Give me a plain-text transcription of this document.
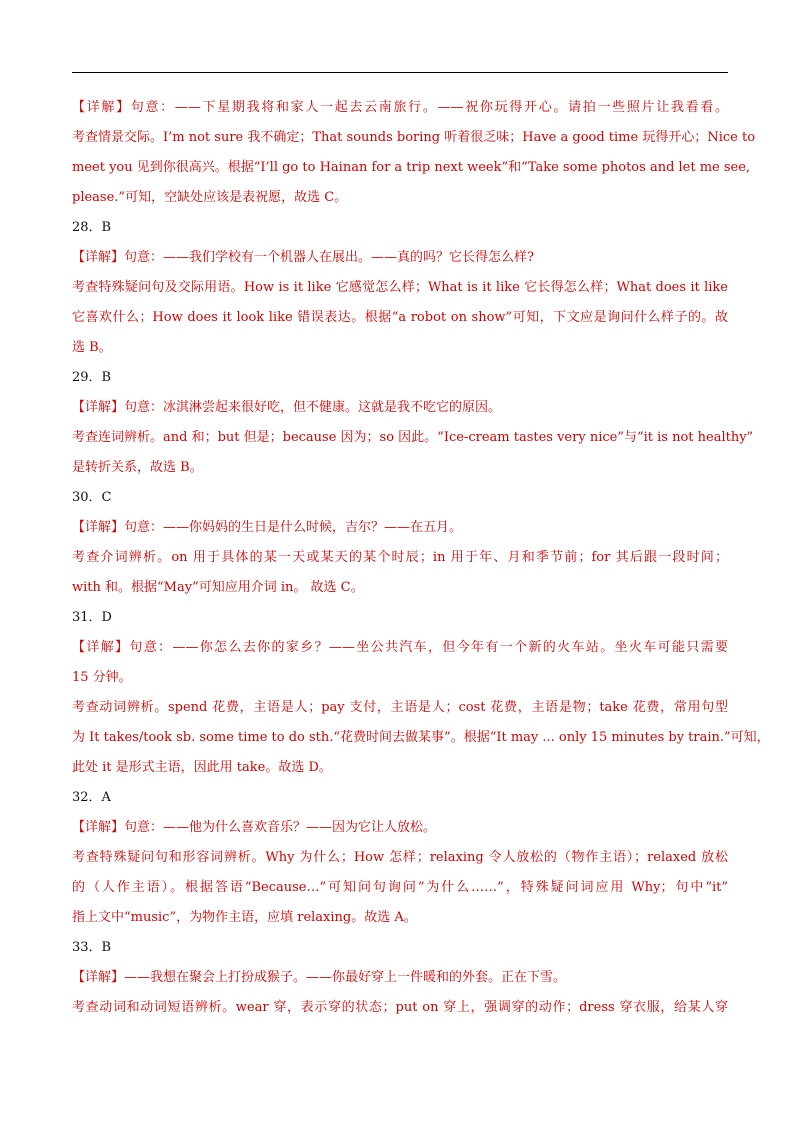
【详解】句意：——下星期我将和家人一起去云南旅行。——祝你玩得开心。请拍一些照片让我看看。
考查情景交际。I’m not sure 我不确定；That sounds boring 听着很乏味；Have a good time 玩得开心；Nice to
meet you 见到你很高兴。根据“I’ll go to Hainan for a trip next week”和“Take some photos and let me see,
please.”可知，空缺处应该是表祝愿，故选 C。
28．B
【详解】句意：——我们学校有一个机器人在展出。——真的吗？它长得怎么样?
考查特殊疑问句及交际用语。How is it like 它感觉怎么样；What is it like 它长得怎么样；What does it like
它喜欢什么；How does it look like 错误表达。根据“a robot on show”可知，下文应是询问什么样子的。故
选 B。
29．B
【详解】句意：冰淇淋尝起来很好吃，但不健康。这就是我不吃它的原因。
考查连词辨析。and 和；but 但是；because 因为；so 因此。“Ice-cream tastes very nice”与“it is not healthy”
是转折关系，故选 B。
30．C
【详解】句意：——你妈妈的生日是什么时候，吉尔？——在五月。
考查介词辨析。on 用于具体的某一天或某天的某个时辰；in 用于年、月和季节前；for 其后跟一段时间；
with 和。根据“May”可知应用介词 in。 故选 C。
31．D
【详解】句意：——你怎么去你的家乡？——坐公共汽车，但今年有一个新的火车站。坐火车可能只需要
15 分钟。
考查动词辨析。spend 花费，主语是人；pay 支付，主语是人；cost 花费，主语是物；take 花费，常用句型
为 It takes/took sb. some time to do sth.“花费时间去做某事”。根据“It may ... only 15 minutes by train.”可知，
此处 it 是形式主语，因此用 take。故选 D。
32．A
【详解】句意：——他为什么喜欢音乐？——因为它让人放松。
考查特殊疑问句和形容词辨析。Why 为什么；How 怎样；relaxing 令人放松的（物作主语）；relaxed 放松
的（人作主语）。根据答语“Because…”可知问句询问“为什么……”，特殊疑问词应用 Why；句中“it”
指上文中“music”，为物作主语，应填 relaxing。故选 A。
33．B
【详解】——我想在聚会上打扮成猴子。——你最好穿上一件暖和的外套。正在下雪。
考查动词和动词短语辨析。wear 穿，表示穿的状态；put on 穿上，强调穿的动作；dress 穿衣服，给某人穿
